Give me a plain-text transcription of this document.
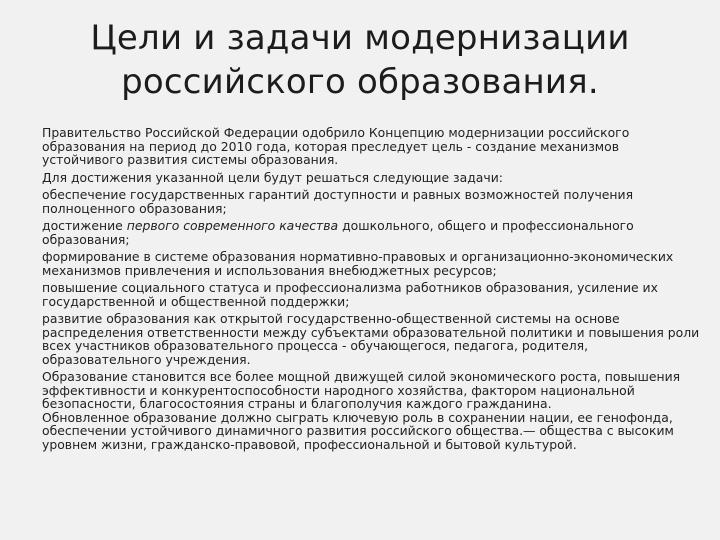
Цели и задачи модернизации
российского образования.

Правительство Российской Федерации одобрило Концепцию модернизации российского образования на период до 2010 года, которая преследует цель - создание механизмов устойчивого развития системы образования.

Для достижения указанной цели будут решаться следующие задачи:

обеспечение государственных гарантий доступности и равных возможностей получения полноценного образования;

достижение первого современного качества дошкольного, общего и профессионального образования;

формирование в системе образования нормативно-правовых и организационно-экономических механизмов привлечения и использования внебюджетных ресурсов;

повышение социального статуса и профессионализма работников образования, усиление их государственной и общественной поддержки;

развитие образования как открытой государственно-общественной системы на основе распределения ответственности между субъектами образовательной политики и повышения роли всех участников образовательного процесса - обучающегося, педагога, родителя, образовательного учреждения.

Образование становится все более мощной движущей силой экономического роста, повышения эффективности и конкурентоспособности народного хозяйства, фактором национальной безопасности, благосостояния страны и благополучия каждого гражданина.

Обновленное образование должно сыграть ключевую роль в сохранении нации, ее генофонда, обеспечении устойчивого динамичного развития российского общества.— общества с высоким уровнем жизни, гражданско-правовой, профессиональной и бытовой культурой.
